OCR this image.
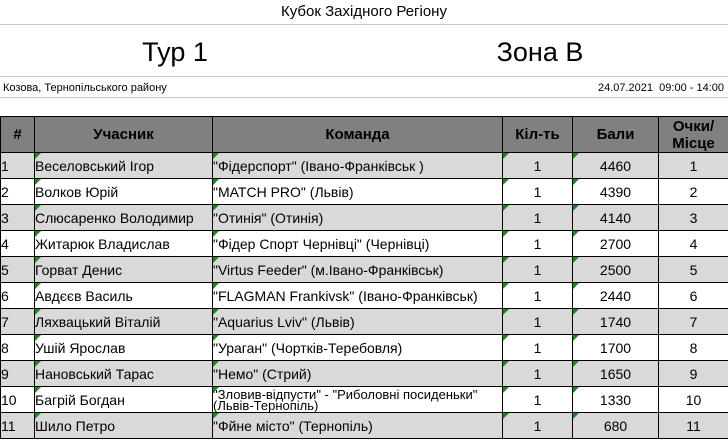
Кубок Західного Регіону
Тур 1	Зона В
Козова, Тернопільського району	24.07.2021 09:00 - 14:00
#	Учасник	Команда	Кіл-ть	Бали	Очки/ Місце
1	Веселовський Ігор	"Фідерспорт" (Івано-Франківськ )	1	4460	1
2	Волков Юрій	"MATCH PRO" (Львів)	1	4390	2
3	Слюсаренко Володимир	"Отинія" (Отинія)	1	4140	3
4	Житарюк Владислав	"Фідер Спорт Чернівці" (Чернівці)	1	2700	4
5	Горват Денис	"Virtus Feeder" (м.Івано-Франківськ)	1	2500	5
6	Авдєєв Василь	"FLAGMAN Frankivsk" (Івано-Франківськ)	1	2440	6
7	Ляхвацький Віталій	"Aquarius Lviv" (Львів)	1	1740	7
8	Ушій Ярослав	"Ураган" (Чортків-Теребовля)	1	1700	8
9	Нановський Тарас	"Немо" (Стрий)	1	1650	9
10	Багрій Богдан	"Зловив-відпусти" - "Риболовні посиденьки" (Львів-Тернопіль)	1	1330	10
11	Шило Петро	"Фйне місто" (Тернопіль)	1	680	11
